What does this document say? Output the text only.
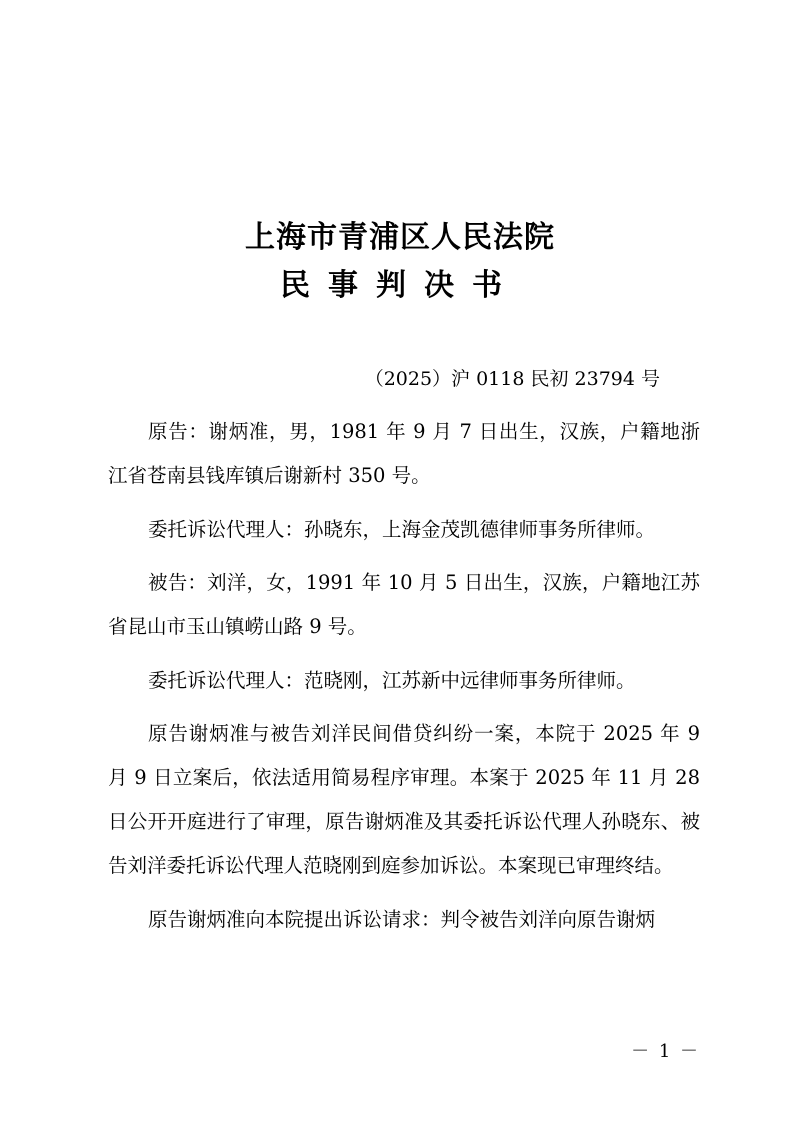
上海市青浦区人民法院
民事判决书
（2025）沪 0118 民初 23794 号

原告：谢炳准，男，1981 年 9 月 7 日出生，汉族，户籍地浙江省苍南县钱库镇后谢新村 350 号。

委托诉讼代理人：孙晓东，上海金茂凯德律师事务所律师。

被告：刘洋，女，1991 年 10 月 5 日出生，汉族，户籍地江苏省昆山市玉山镇崂山路 9 号。

委托诉讼代理人：范晓刚，江苏新中远律师事务所律师。

原告谢炳准与被告刘洋民间借贷纠纷一案，本院于 2025 年 9 月 9 日立案后，依法适用简易程序审理。本案于 2025 年 11 月 28 日公开开庭进行了审理，原告谢炳准及其委托诉讼代理人孙晓东、被告刘洋委托诉讼代理人范晓刚到庭参加诉讼。本案现已审理终结。

原告谢炳准向本院提出诉讼请求：判令被告刘洋向原告谢炳

－ 1 －
